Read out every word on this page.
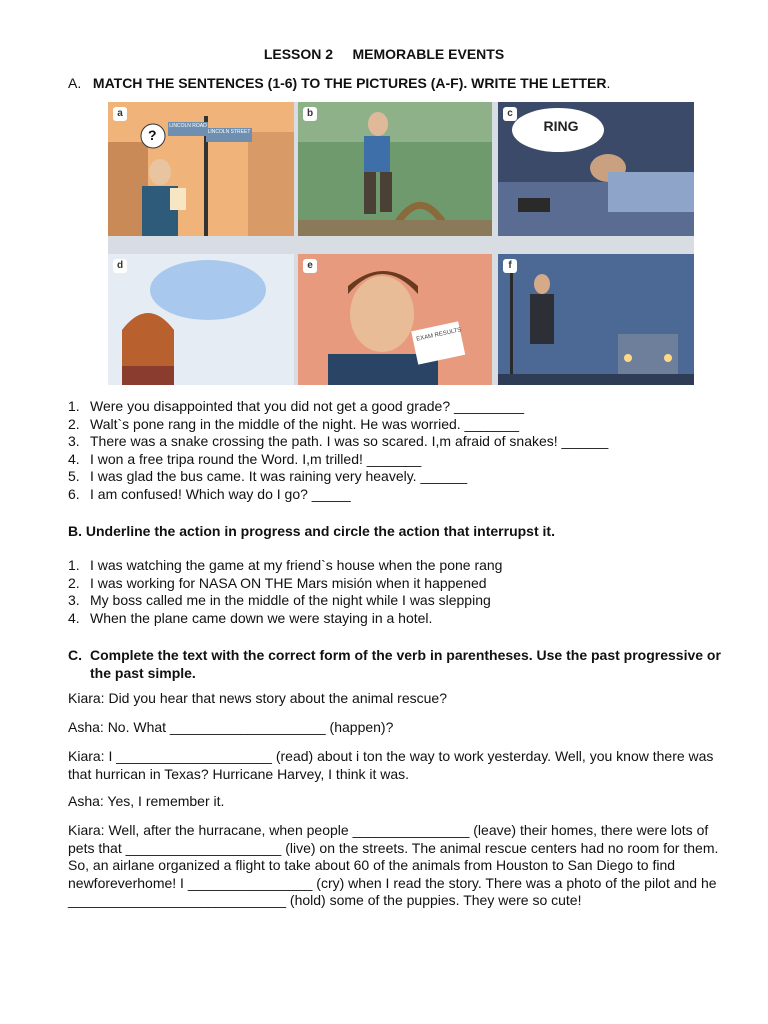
LESSON 2     MEMORABLE EVENTS
A. MATCH THE SENTENCES (1-6) TO THE PICTURES (A-F). WRITE THE LETTER.
LINCOLN ROAD
LINCOLN STREET
?
a	b
RING
c
d
EXAM RESULTS
e	f
1. Were you disappointed that you did not get a good grade? _________
2. Walt`s pone rang in the middle of the night. He was worried. _______
3. There was a snake crossing the path. I was so scared. I,m afraid of snakes! ______
4. I won a free tripa round the Word. I,m trilled! _______
5. I was glad the bus came. It was raining very heavely. ______
6. I am confused! Which way do I go? _____
B. Underline the action in progress and circle the action that interrupst it.
1. I was watching the game at my friend`s house when the pone rang
2. I was working for NASA ON THE Mars misión when it happened
3. My boss called me in the middle of the night while I was slepping
4. When the plane came down we were staying in a hotel.
C. Complete the text with the correct form of the verb in parentheses. Use the past progressive or the past simple.
Kiara: Did you hear that news story about the animal rescue?
Asha: No. What ____________________ (happen)?
Kiara: I ____________________ (read) about i ton the way to work yesterday. Well, you know there was that hurrican in Texas? Hurricane Harvey, I think it was.
Asha: Yes, I remember it.
Kiara: Well, after the hurracane, when people _______________ (leave) their homes, there were lots of pets that ____________________ (live) on the streets. The animal rescue centers had no room for them. So, an airlane organized a flight to take about 60 of the animals from Houston to San Diego to find newforeverhome! I ________________ (cry) when I read the story. There was a photo of the pilot and he ____________________________ (hold) some of the puppies. They were so cute!
